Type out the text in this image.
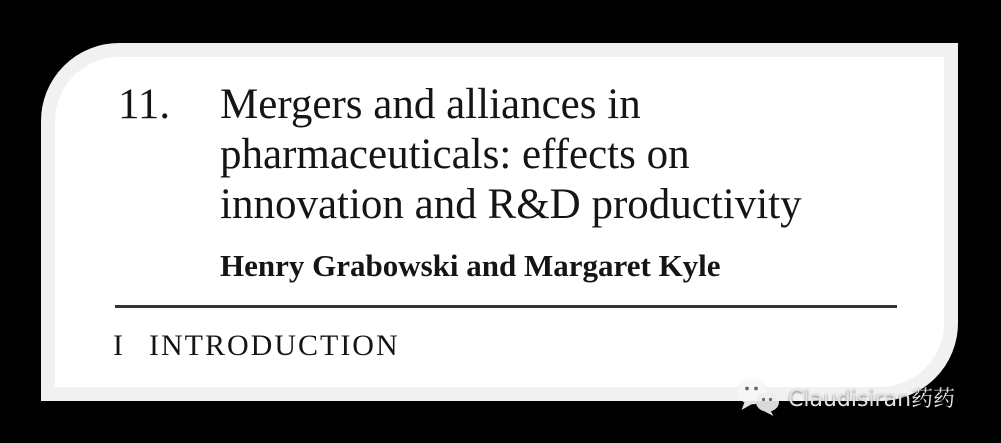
11.	Mergers and alliances in
pharmaceuticals: effects on
innovation and R&D productivity
Henry Grabowski and Margaret Kyle
I INTRODUCTION
Claudisiran药药
